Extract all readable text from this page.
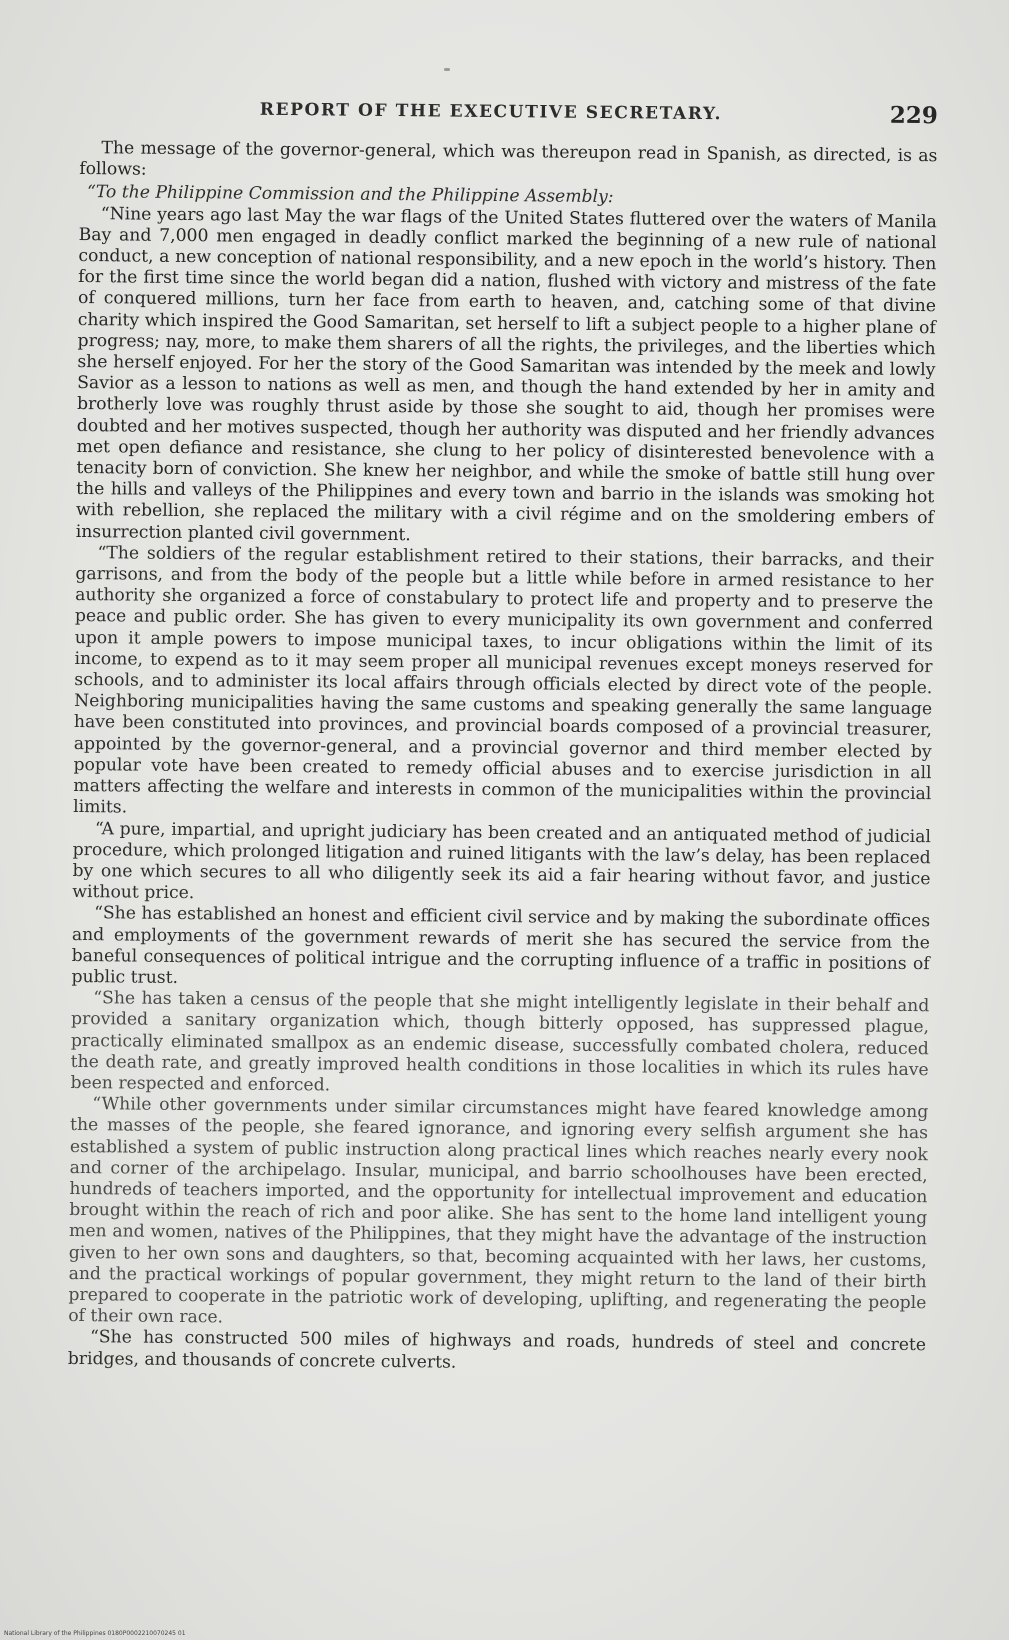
REPORT OF THE EXECUTIVE SECRETARY.	229

The message of the governor-general, which was thereupon read in Spanish, as directed, is as follows:

“To the Philippine Commission and the Philippine Assembly:

“Nine years ago last May the war flags of the United States fluttered over the waters of Manila Bay and 7,000 men engaged in deadly conflict marked the beginning of a new rule of national conduct, a new conception of national responsibility, and a new epoch in the world’s history. Then for the first time since the world began did a nation, flushed with victory and mistress of the fate of conquered millions, turn her face from earth to heaven, and, catching some of that divine charity which inspired the Good Samaritan, set herself to lift a subject people to a higher plane of progress; nay, more, to make them sharers of all the rights, the privileges, and the liberties which she herself enjoyed. For her the story of the Good Samaritan was intended by the meek and lowly Savior as a lesson to nations as well as men, and though the hand extended by her in amity and brotherly love was roughly thrust aside by those she sought to aid, though her promises were doubted and her motives suspected, though her authority was disputed and her friendly advances met open defiance and resistance, she clung to her policy of disinterested benevolence with a tenacity born of conviction. She knew her neighbor, and while the smoke of battle still hung over the hills and valleys of the Philippines and every town and barrio in the islands was smoking hot with rebellion, she replaced the military with a civil régime and on the smoldering embers of insurrection planted civil government.

“The soldiers of the regular establishment retired to their stations, their barracks, and their garrisons, and from the body of the people but a little while before in armed resistance to her authority she organized a force of constabulary to protect life and property and to preserve the peace and public order. She has given to every municipality its own government and conferred upon it ample powers to impose municipal taxes, to incur obligations within the limit of its income, to expend as to it may seem proper all municipal revenues except moneys reserved for schools, and to administer its local affairs through officials elected by direct vote of the people. Neighboring municipalities having the same customs and speaking generally the same language have been constituted into provinces, and provincial boards composed of a provincial treasurer, appointed by the governor-general, and a provincial governor and third member elected by popular vote have been created to remedy official abuses and to exercise jurisdiction in all matters affecting the welfare and interests in common of the municipalities within the provincial limits.

“A pure, impartial, and upright judiciary has been created and an antiquated method of judicial procedure, which prolonged litigation and ruined litigants with the law’s delay, has been replaced by one which secures to all who diligently seek its aid a fair hearing without favor, and justice without price.

“She has established an honest and efficient civil service and by making the subordinate offices and employments of the government rewards of merit she has secured the service from the baneful consequences of political intrigue and the corrupting influence of a traffic in positions of public trust.

“She has taken a census of the people that she might intelligently legislate in their behalf and provided a sanitary organization which, though bitterly opposed, has suppressed plague, practically eliminated smallpox as an endemic disease, successfully combated cholera, reduced the death rate, and greatly improved health conditions in those localities in which its rules have been respected and enforced.

“While other governments under similar circumstances might have feared knowledge among the masses of the people, she feared ignorance, and ignoring every selfish argument she has established a system of public instruction along practical lines which reaches nearly every nook and corner of the archipelago. Insular, municipal, and barrio schoolhouses have been erected, hundreds of teachers imported, and the opportunity for intellectual improvement and education brought within the reach of rich and poor alike. She has sent to the home land intelligent young men and women, natives of the Philippines, that they might have the advantage of the instruction given to her own sons and daughters, so that, becoming acquainted with her laws, her customs, and the practical workings of popular government, they might return to the land of their birth prepared to cooperate in the patriotic work of developing, uplifting, and regenerating the people of their own race.

“She has constructed 500 miles of highways and roads, hundreds of steel and concrete bridges, and thousands of concrete culverts.

National Library of the Philippines 0180P0002210070245 01
